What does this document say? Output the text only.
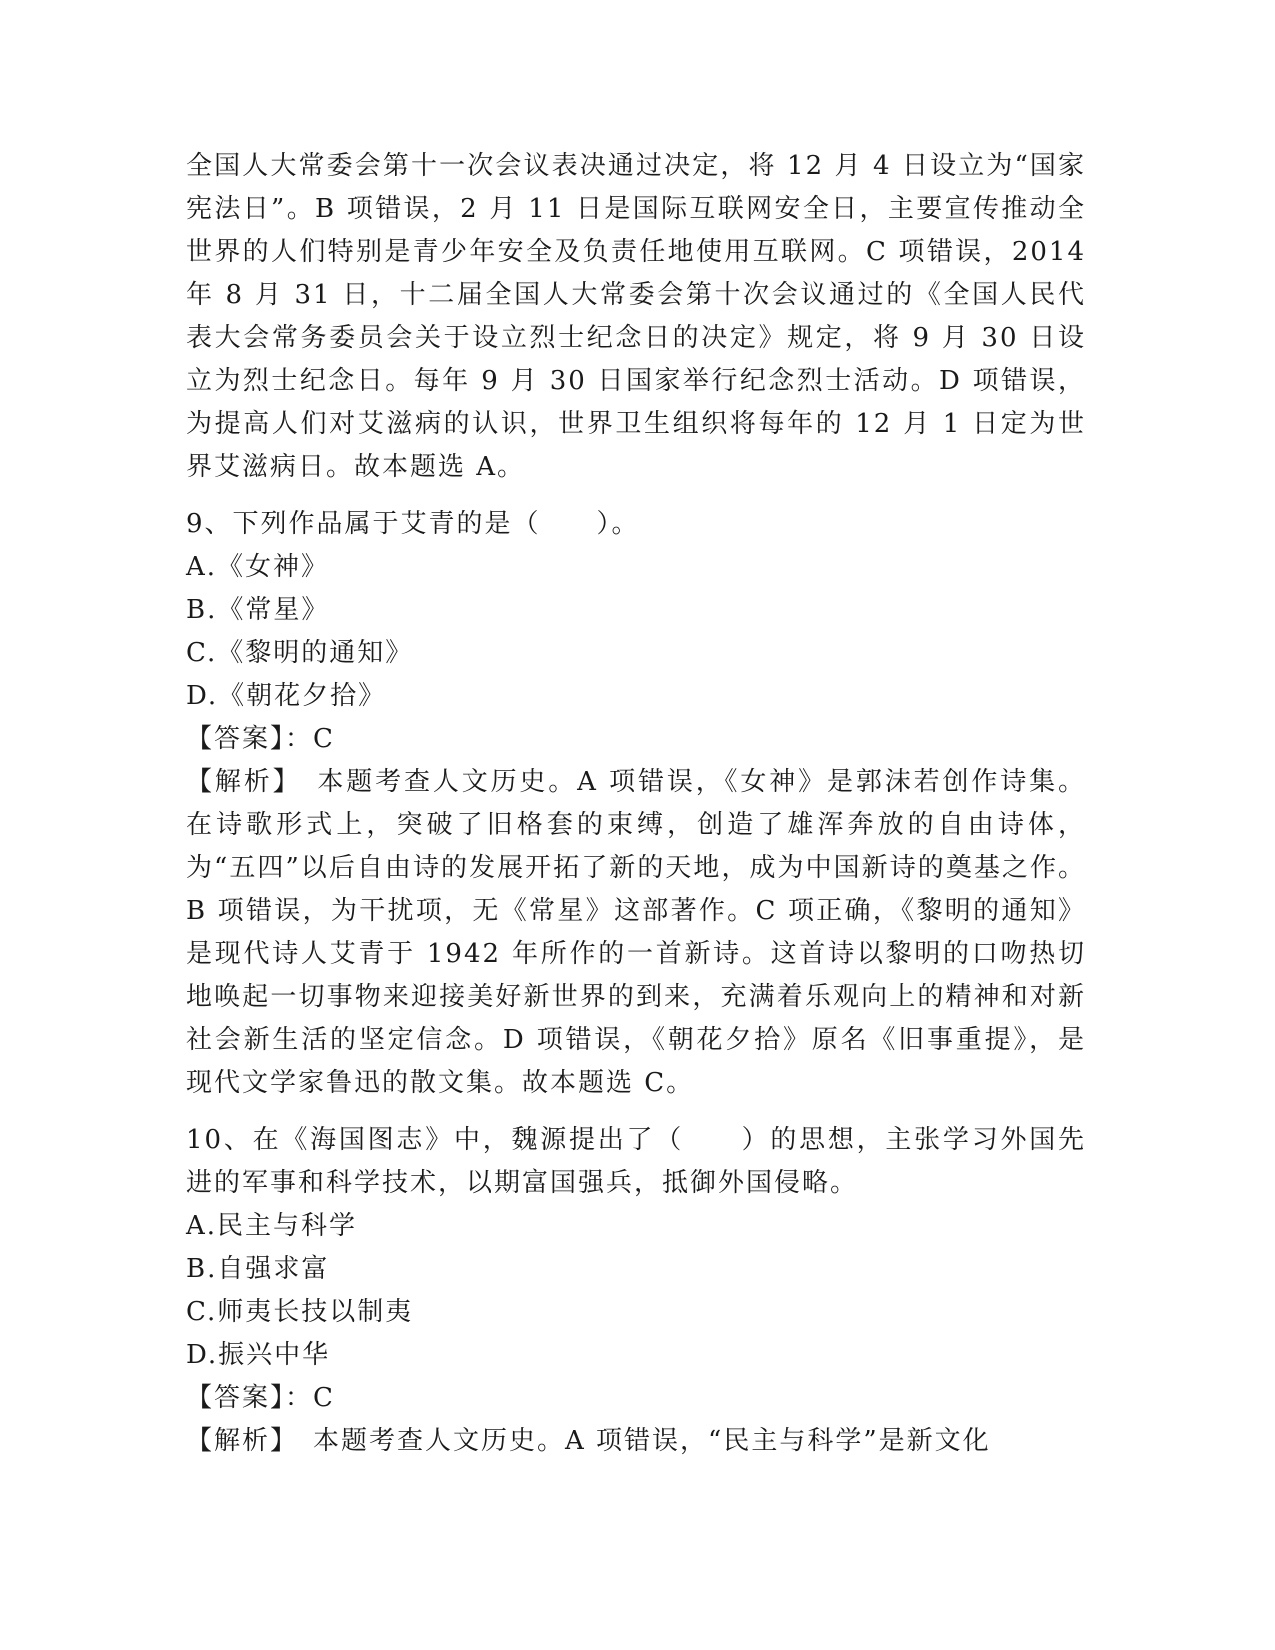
全国人大常委会第十一次会议表决通过决定，将 12 月 4 日设立为“国家宪法日”。B 项错误，2 月 11 日是国际互联网安全日，主要宣传推动全世界的人们特别是青少年安全及负责任地使用互联网。C 项错误，2014 年 8 月 31 日，十二届全国人大常委会第十次会议通过的《全国人民代表大会常务委员会关于设立烈士纪念日的决定》规定，将 9 月 30 日设立为烈士纪念日。每年 9 月 30 日国家举行纪念烈士活动。D 项错误，为提高人们对艾滋病的认识，世界卫生组织将每年的 12 月 1 日定为世界艾滋病日。故本题选 A。

9、下列作品属于艾青的是（　　）。

A.《女神》

B.《常星》

C.《黎明的通知》

D.《朝花夕拾》

【答案】：C

【解析】　本题考查人文历史。A 项错误，《女神》是郭沫若创作诗集。在诗歌形式上，突破了旧格套的束缚，创造了雄浑奔放的自由诗体，为“五四”以后自由诗的发展开拓了新的天地，成为中国新诗的奠基之作。B 项错误，为干扰项，无《常星》这部著作。C 项正确，《黎明的通知》是现代诗人艾青于 1942 年所作的一首新诗。这首诗以黎明的口吻热切地唤起一切事物来迎接美好新世界的到来，充满着乐观向上的精神和对新社会新生活的坚定信念。D 项错误，《朝花夕拾》原名《旧事重提》，是现代文学家鲁迅的散文集。故本题选 C。

10、在《海国图志》中，魏源提出了（　　）的思想，主张学习外国先进的军事和科学技术，以期富国强兵，抵御外国侵略。

A.民主与科学

B.自强求富

C.师夷长技以制夷

D.振兴中华

【答案】：C

【解析】　本题考查人文历史。A 项错误，“民主与科学”是新文化
